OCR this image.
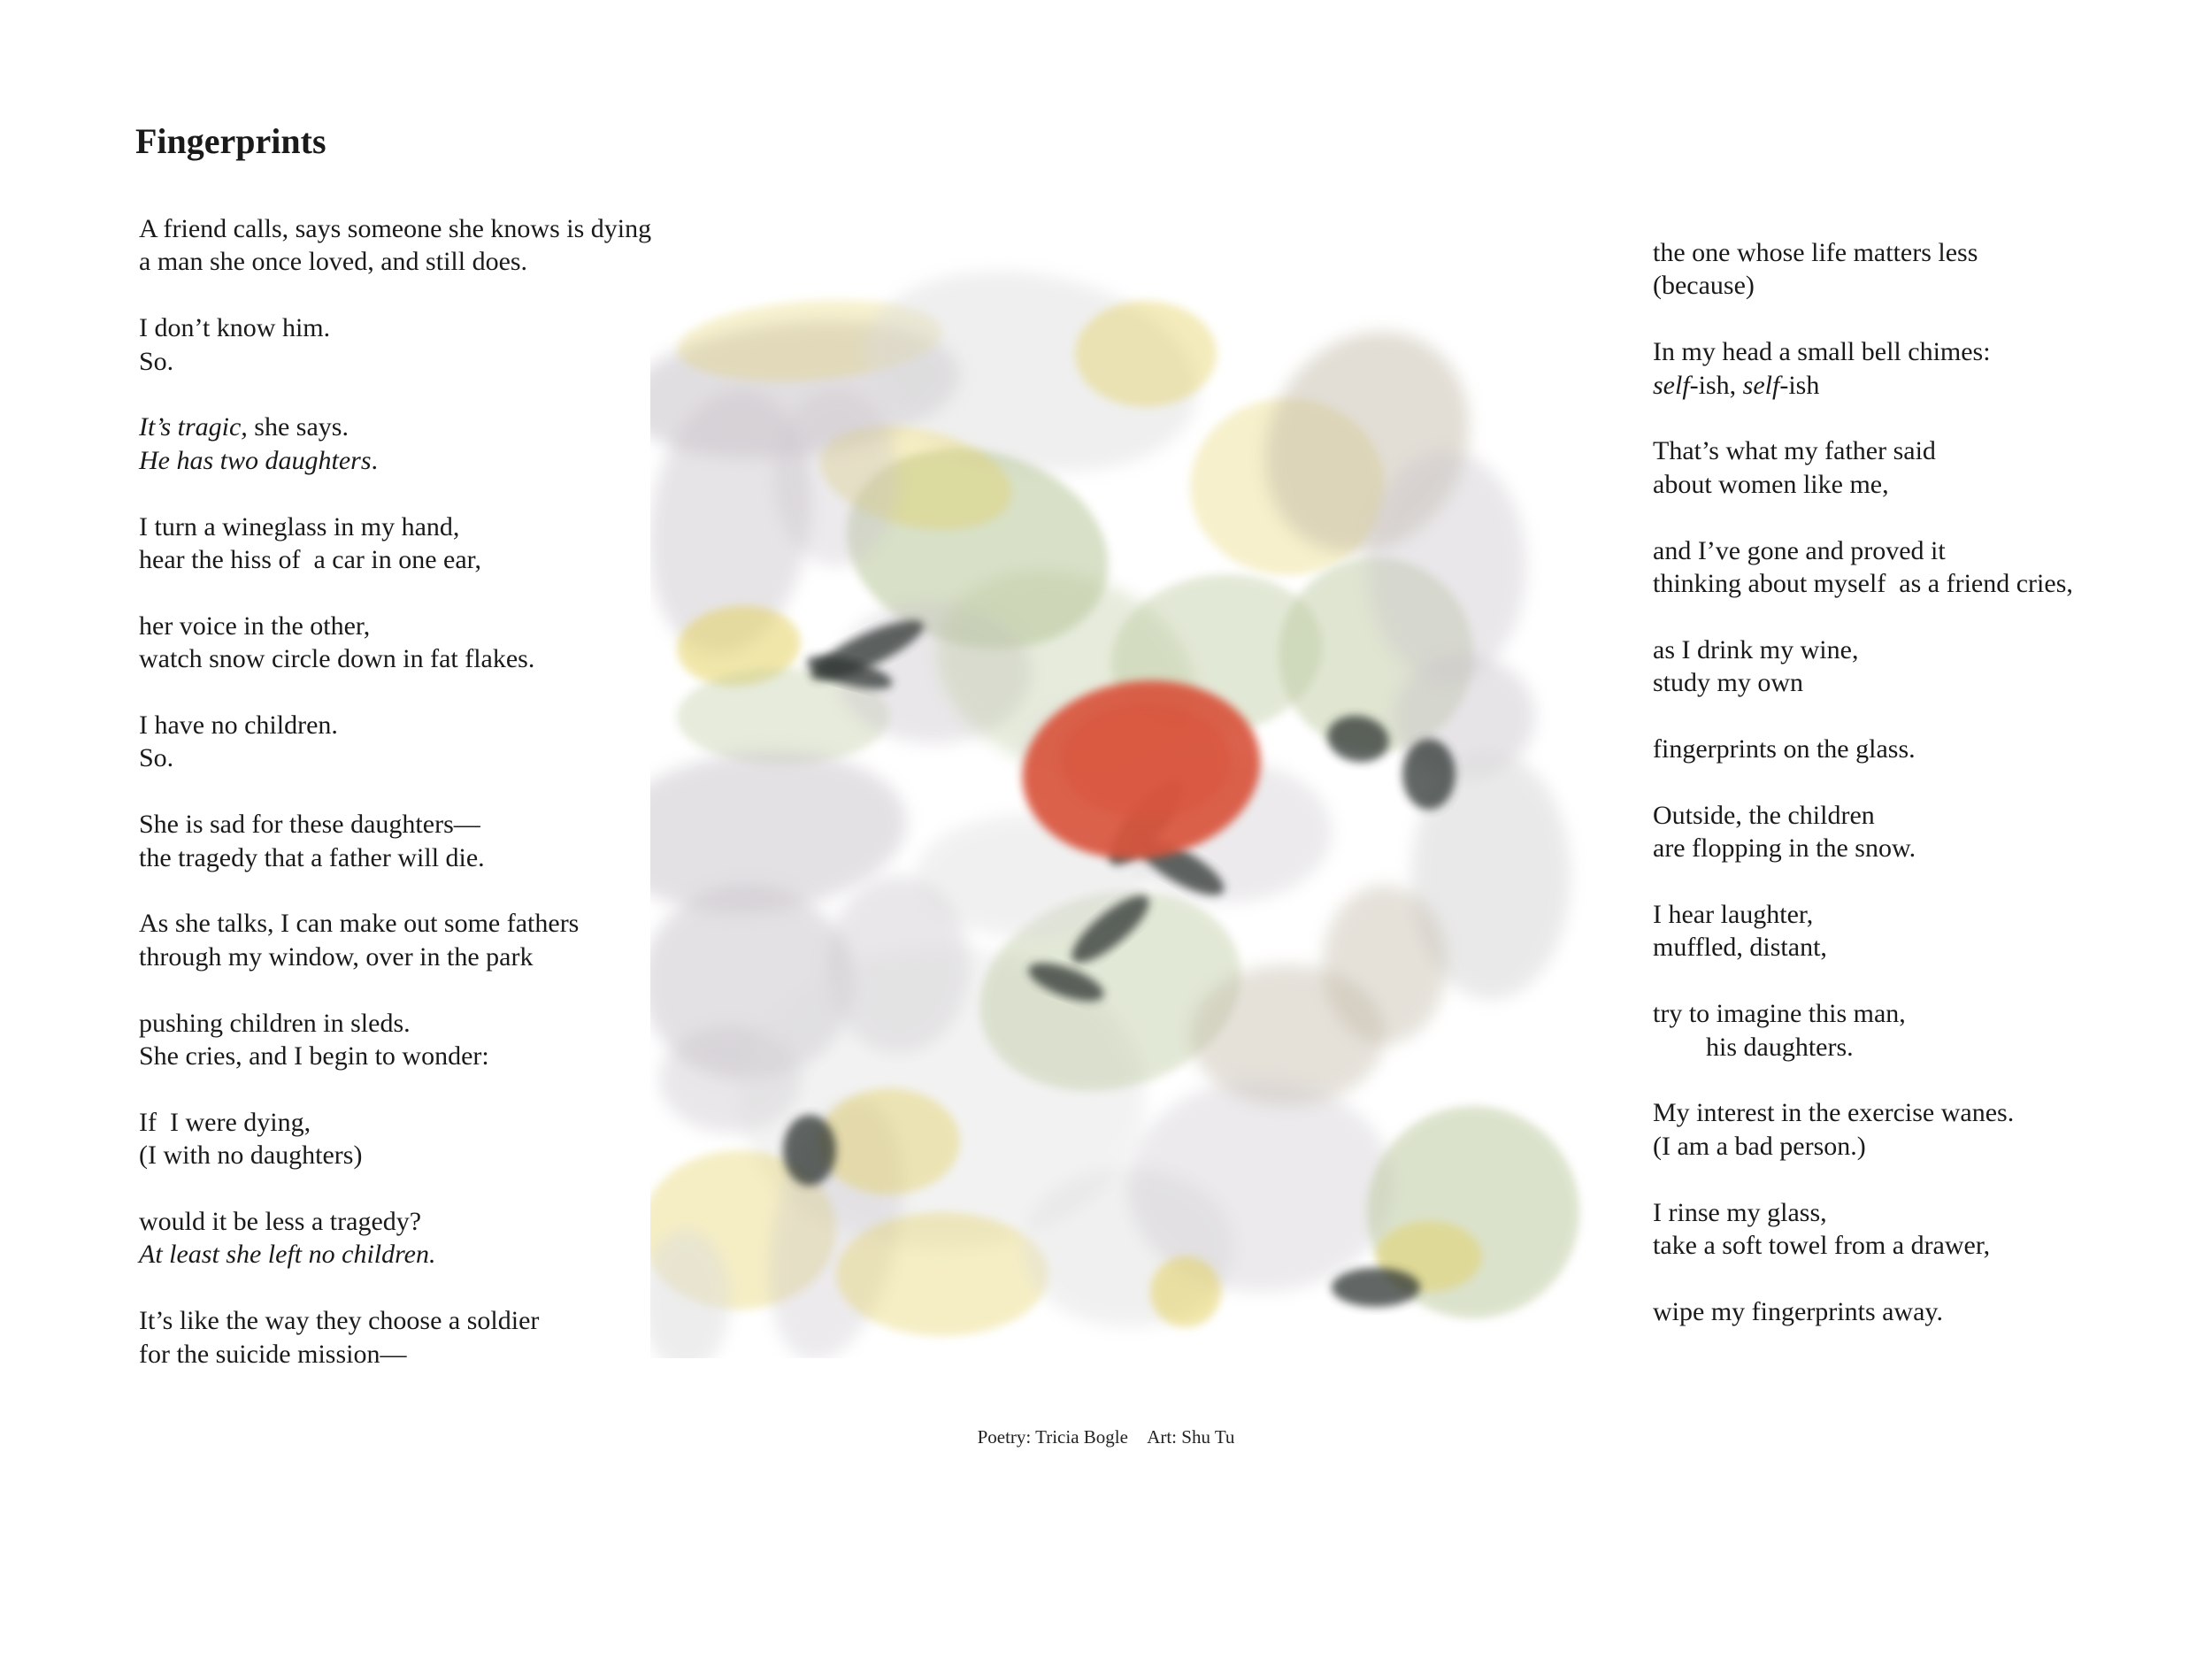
Fingerprints
A friend calls, says someone she knows is dying
a man she once loved, and still does.
I don’t know him.
So.
It’s tragic, she says.
He has two daughters.
I turn a wineglass in my hand,
hear the hiss of  a car in one ear,
her voice in the other,
watch snow circle down in fat flakes.
I have no children.
So.
She is sad for these daughters—
the tragedy that a father will die.
As she talks, I can make out some fathers
through my window, over in the park
pushing children in sleds.
She cries, and I begin to wonder:
If  I were dying,
(I with no daughters)
would it be less a tragedy?
At least she left no children.
It’s like the way they choose a soldier
for the suicide mission—
the one whose life matters less
(because)
In my head a small bell chimes:
self-ish, self-ish
That’s what my father said
about women like me,
and I’ve gone and proved it
thinking about myself  as a friend cries,
as I drink my wine,
study my own
fingerprints on the glass.
Outside, the children
are flopping in the snow.
I hear laughter,
muffled, distant,
try to imagine this man,
his daughters.
My interest in the exercise wanes.
(I am a bad person.)
I rinse my glass,
take a soft towel from a drawer,
wipe my fingerprints away.
Poetry: Tricia Bogle Art: Shu Tu
